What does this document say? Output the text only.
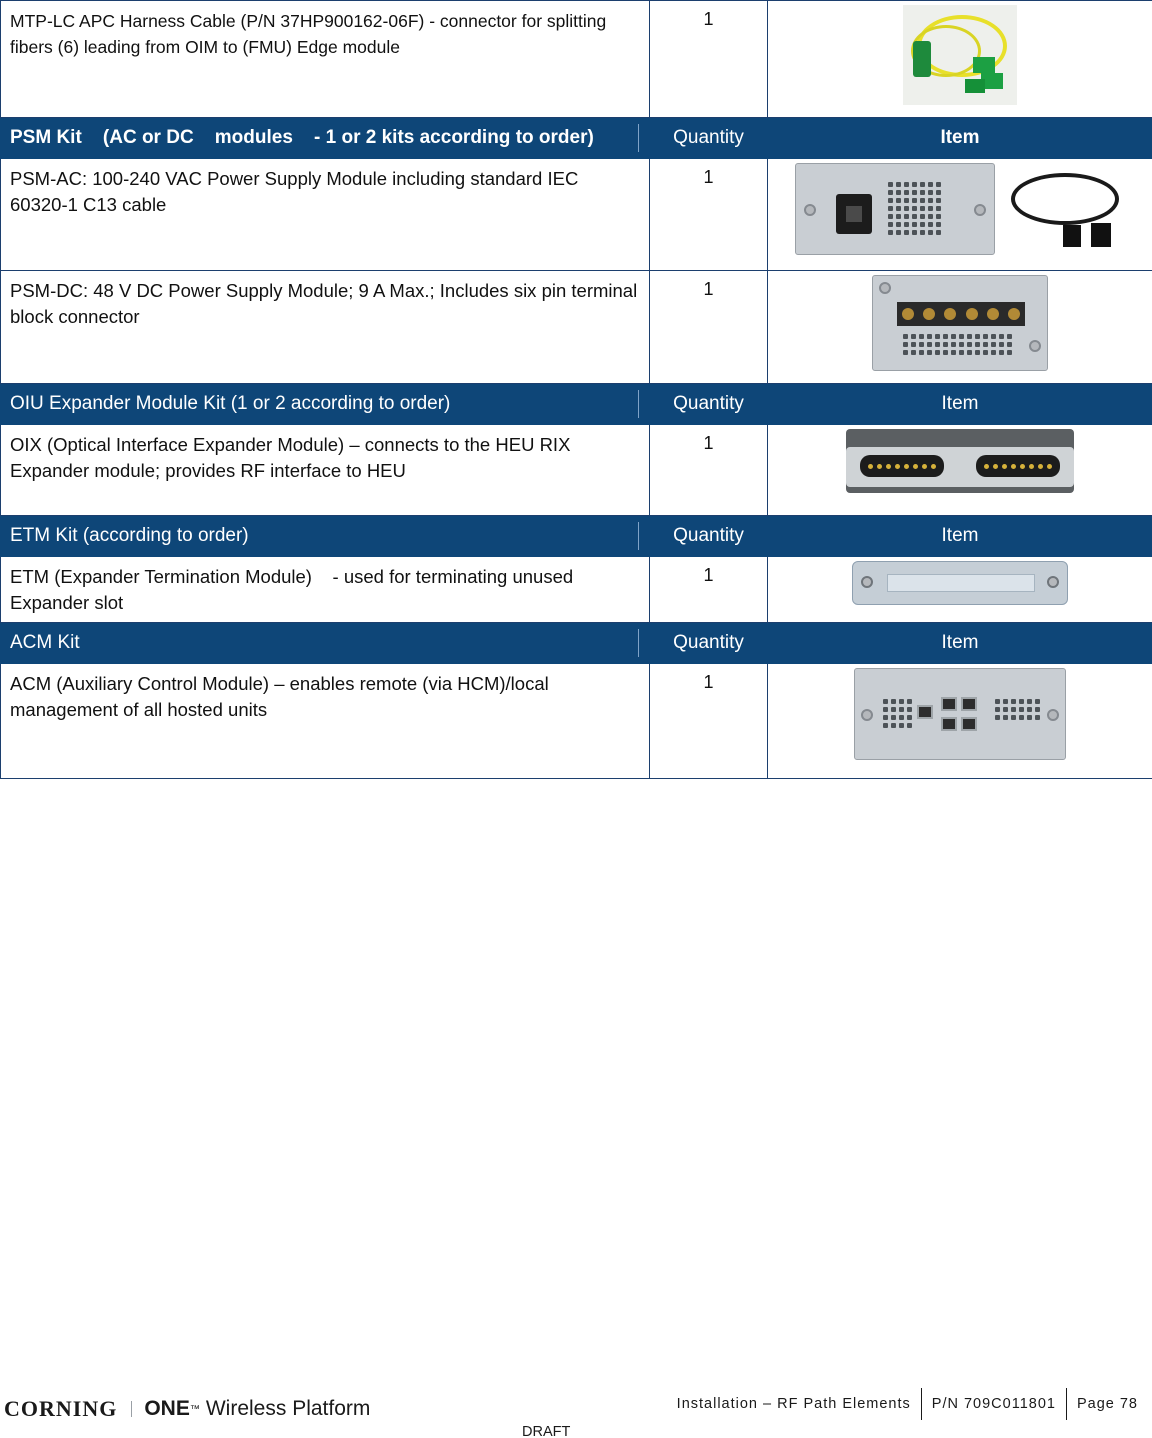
MTP-LC APC Harness Cable (P/N 37HP900162-06F) - connector for splitting fibers (6) leading from OIM to (FMU) Edge module	1	

PSM Kit    (AC or DC    modules    - 1 or 2 kits according to order)	Quantity	Item
PSM-AC: 100-240 VAC Power Supply Module including standard IEC 60320-1 C13 cable	1	

PSM-DC: 48 V DC Power Supply Module; 9 A Max.; Includes six pin terminal block connector	1	

OIU Expander Module Kit (1 or 2 according to order)	Quantity	Item
OIX (Optical Interface Expander Module) – connects to the HEU RIX Expander module; provides RF interface to HEU	1	

ETM Kit (according to order)	Quantity	Item
ETM (Expander Termination Module)    - used for terminating unused Expander slot	1	

ACM Kit	Quantity	Item
ACM (Auxiliary Control Module) – enables remote (via HCM)/local management of all hosted units	1	
CORNING ONE ™ Wireless Platform	Installation – RF Path Elements	P/N 709C011801	Page 78
DRAFT
